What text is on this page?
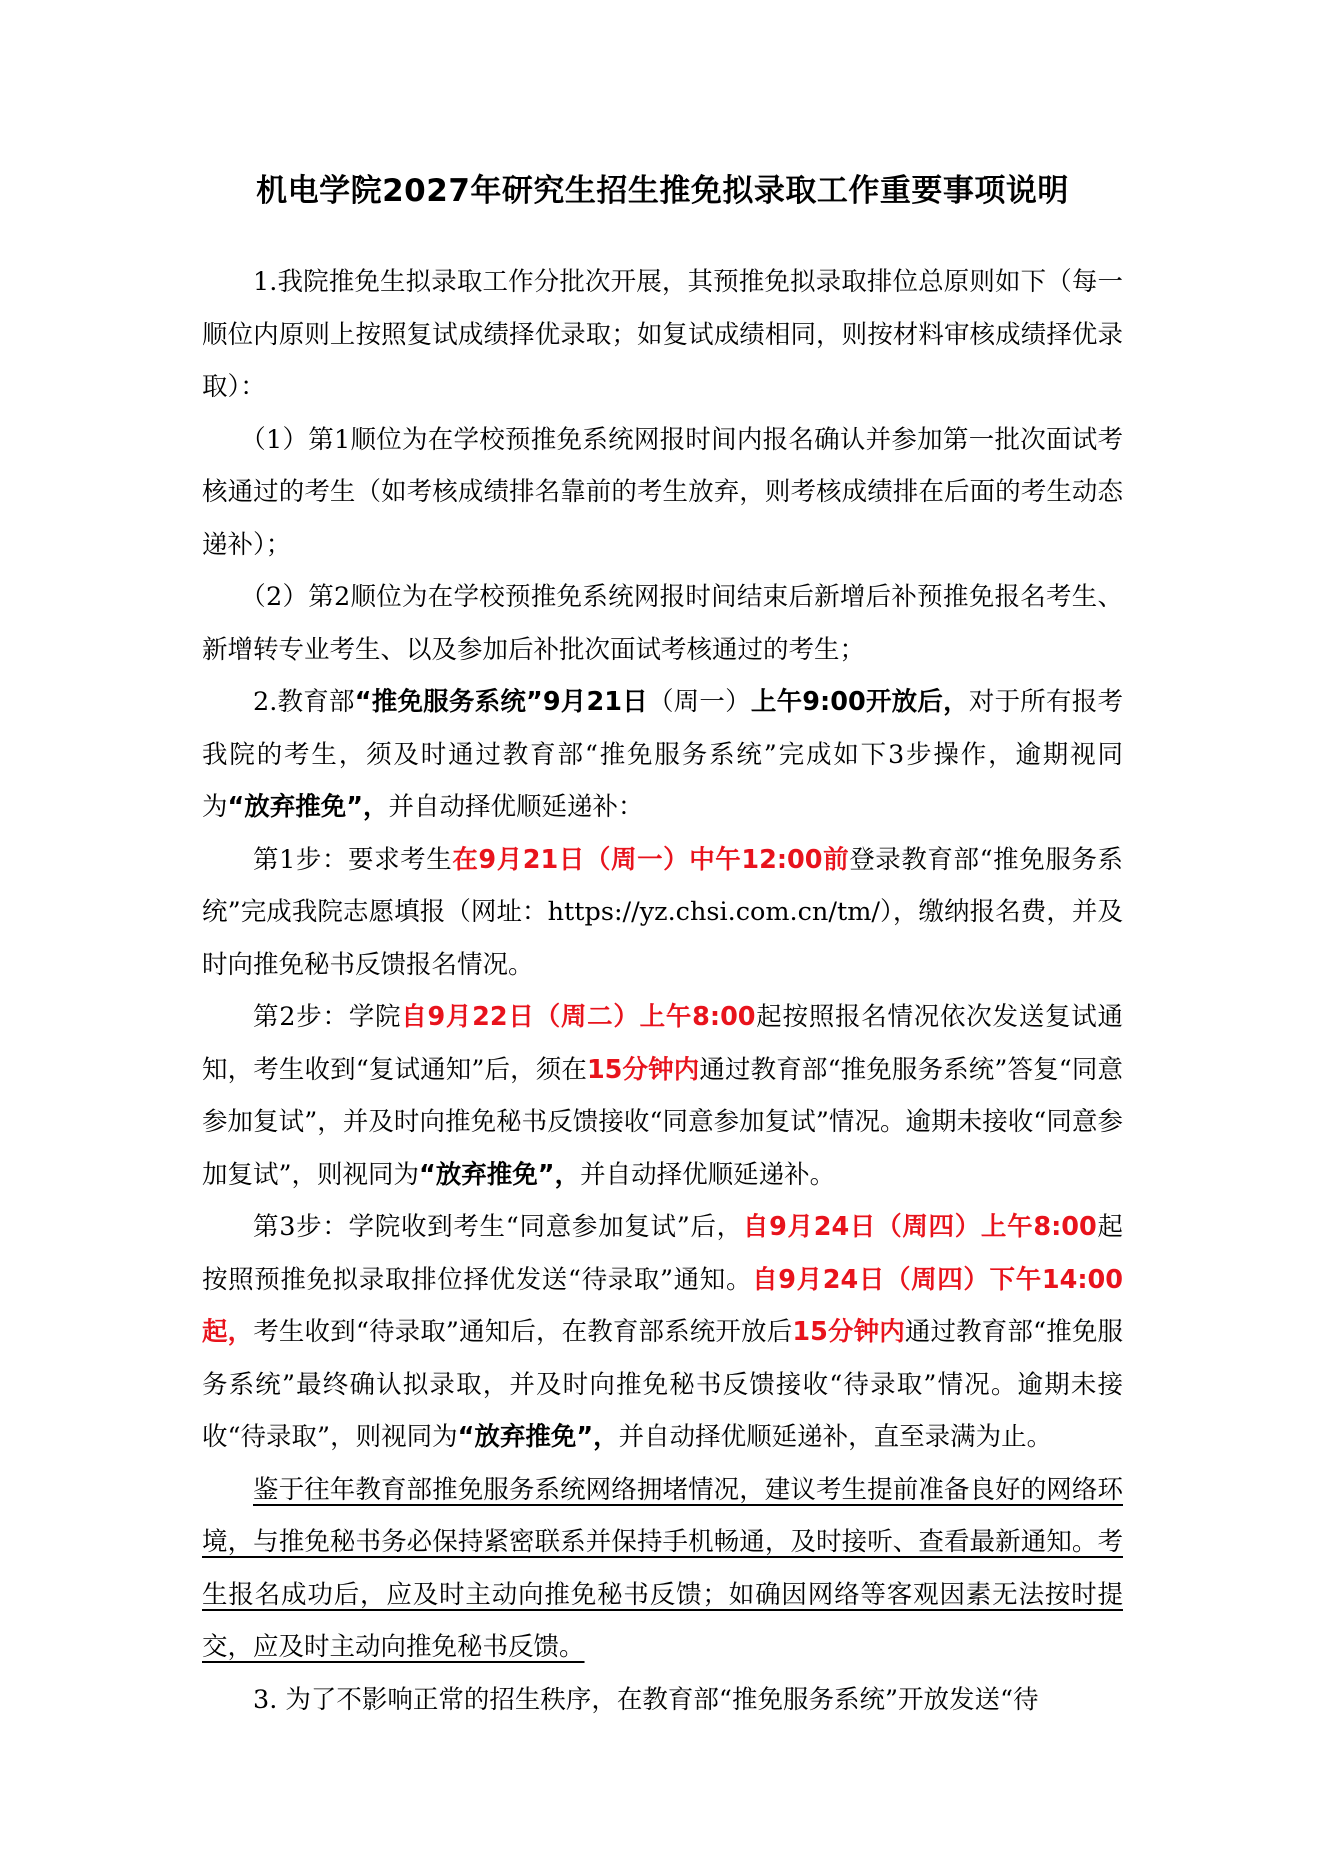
机电学院2027年研究生招生推免拟录取工作重要事项说明

1.我院推免生拟录取工作分批次开展，其预推免拟录取排位总原则如下（每一顺位内原则上按照复试成绩择优录取；如复试成绩相同，则按材料审核成绩择优录取）：

（1）第1顺位为在学校预推免系统网报时间内报名确认并参加第一批次面试考核通过的考生（如考核成绩排名靠前的考生放弃，则考核成绩排在后面的考生动态递补）；

（2）第2顺位为在学校预推免系统网报时间结束后新增后补预推免报名考生、新增转专业考生、以及参加后补批次面试考核通过的考生；

2.教育部“推免服务系统”9月21日（周一）上午9:00开放后，对于所有报考我院的考生，须及时通过教育部“推免服务系统”完成如下3步操作，逾期视同为“放弃推免”，并自动择优顺延递补：

第1步：要求考生在9月21日（周一）中午12:00前登录教育部“推免服务系统”完成我院志愿填报（网址：https://yz.chsi.com.cn/tm/），缴纳报名费，并及时向推免秘书反馈报名情况。

第2步：学院自9月22日（周二）上午8:00起按照报名情况依次发送复试通知，考生收到“复试通知”后，须在15分钟内通过教育部“推免服务系统”答复“同意参加复试”，并及时向推免秘书反馈接收“同意参加复试”情况。逾期未接收“同意参加复试”，则视同为“放弃推免”，并自动择优顺延递补。

第3步：学院收到考生“同意参加复试”后，自9月24日（周四）上午8:00起按照预推免拟录取排位择优发送“待录取”通知。自9月24日（周四）下午14:00起，考生收到“待录取”通知后，在教育部系统开放后15分钟内通过教育部“推免服务系统”最终确认拟录取，并及时向推免秘书反馈接收“待录取”情况。逾期未接收“待录取”，则视同为“放弃推免”，并自动择优顺延递补，直至录满为止。

鉴于往年教育部推免服务系统网络拥堵情况，建议考生提前准备良好的网络环境，与推免秘书务必保持紧密联系并保持手机畅通，及时接听、查看最新通知。考生报名成功后，应及时主动向推免秘书反馈；如确因网络等客观因素无法按时提交，应及时主动向推免秘书反馈。

3. 为了不影响正常的招生秩序，在教育部“推免服务系统”开放发送“待
